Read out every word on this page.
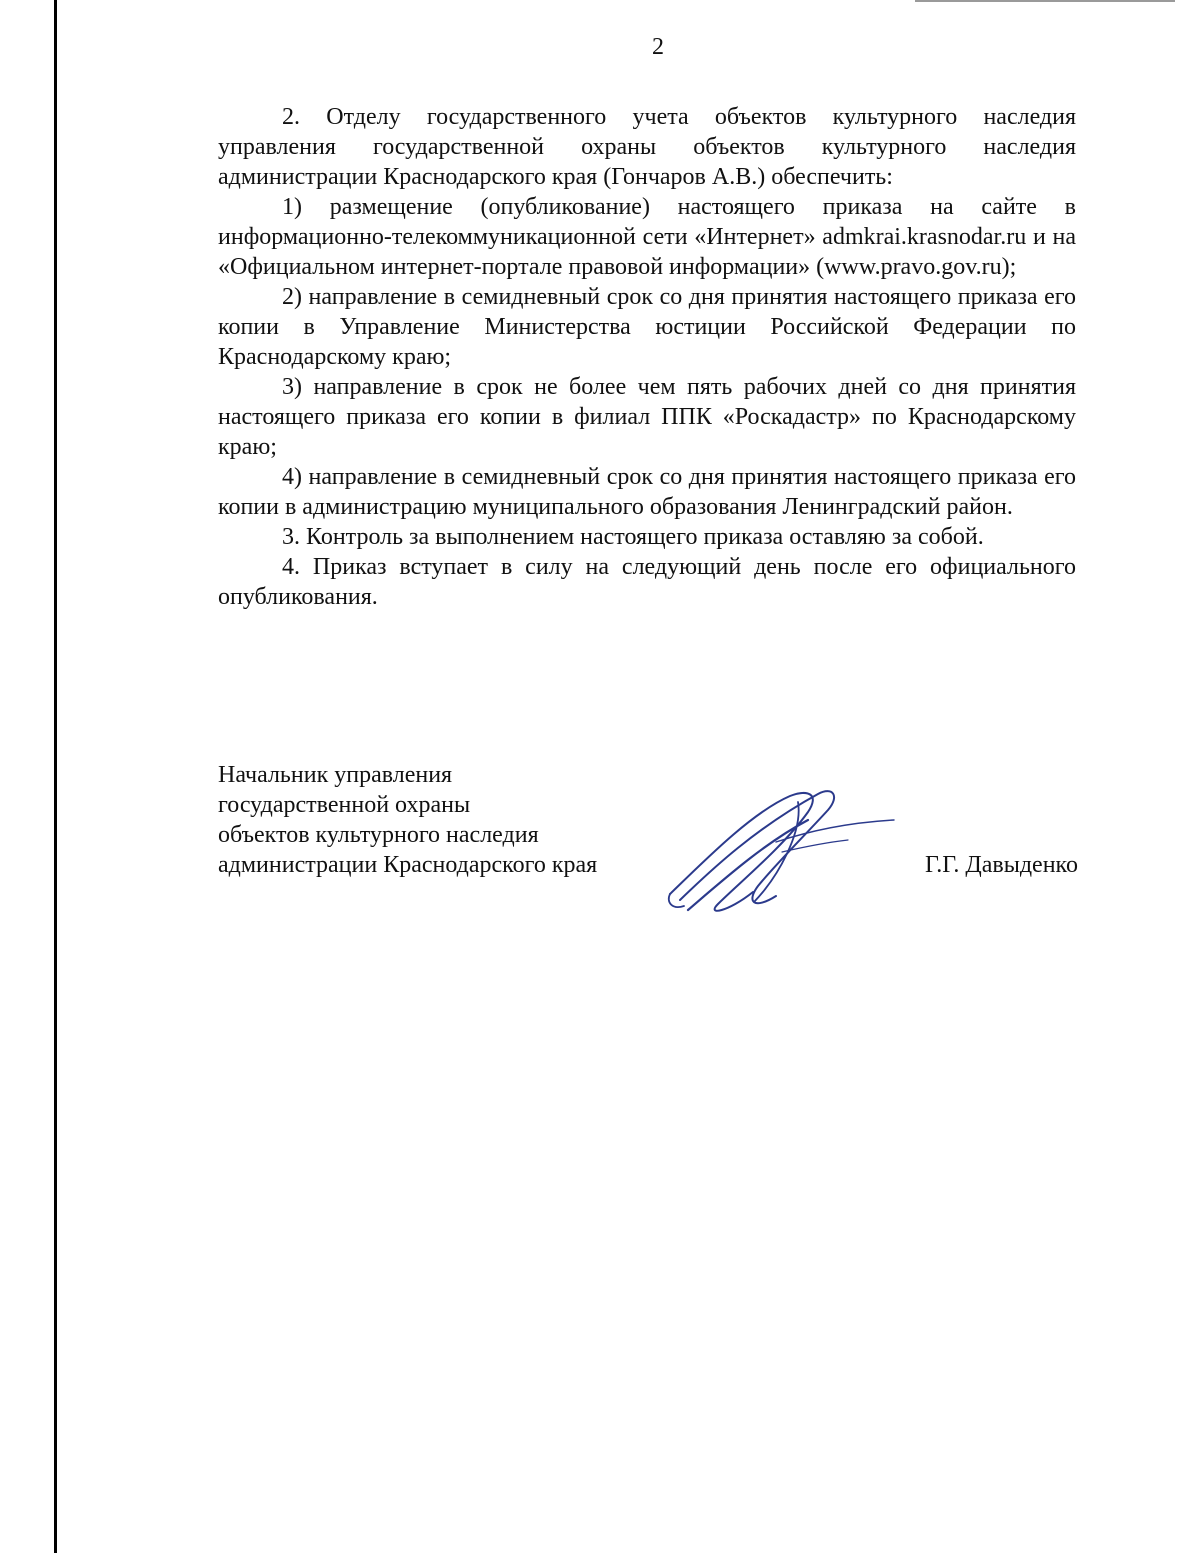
2

2. Отделу государственного учета объектов культурного наследия управления государственной охраны объектов культурного наследия администрации Краснодарского края (Гончаров А.В.) обеспечить:

1) размещение (опубликование) настоящего приказа на сайте в информационно-телекоммуникационной сети «Интернет» admkrai.krasnodar.ru и на «Официальном интернет-портале правовой информации» (www.pravo.gov.ru);

2) направление в семидневный срок со дня принятия настоящего приказа его копии в Управление Министерства юстиции Российской Федерации по Краснодарскому краю;

3) направление в срок не более чем пять рабочих дней со дня принятия настоящего приказа его копии в филиал ППК «Роскадастр» по Краснодарскому краю;

4) направление в семидневный срок со дня принятия настоящего приказа его копии в администрацию муниципального образования Ленинградский район.

3. Контроль за выполнением настоящего приказа оставляю за собой.

4. Приказ вступает в силу на следующий день после его официального опубликования.

Начальник управления
государственной охраны
объектов культурного наследия
администрации Краснодарского края	Г.Г. Давыденко
